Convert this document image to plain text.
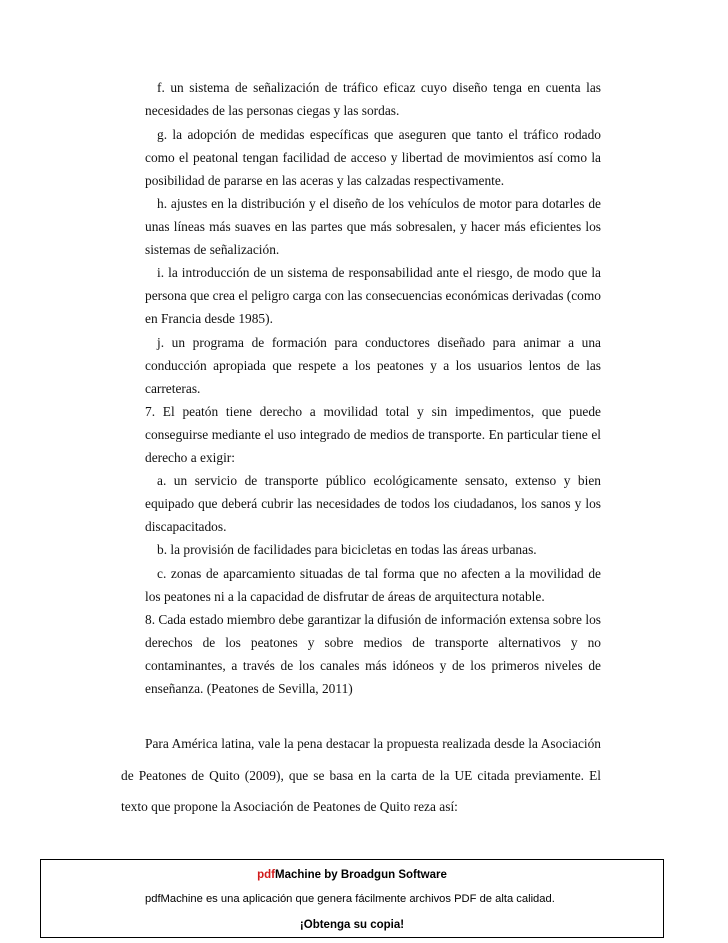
f. un sistema de señalización de tráfico eficaz cuyo diseño tenga en cuenta las necesidades de las personas ciegas y las sordas.

g. la adopción de medidas específicas que aseguren que tanto el tráfico rodado como el peatonal tengan facilidad de acceso y libertad de movimientos así como la posibilidad de pararse en las aceras y las calzadas respectivamente.

h. ajustes en la distribución y el diseño de los vehículos de motor para dotarles de unas líneas más suaves en las partes que más sobresalen, y hacer más eficientes los sistemas de señalización.

i. la introducción de un sistema de responsabilidad ante el riesgo, de modo que la persona que crea el peligro carga con las consecuencias económicas derivadas (como en Francia desde 1985).

j. un programa de formación para conductores diseñado para animar a una conducción apropiada que respete a los peatones y a los usuarios lentos de las carreteras.

7. El peatón tiene derecho a movilidad total y sin impedimentos, que puede conseguirse mediante el uso integrado de medios de transporte. En particular tiene el derecho a exigir:

a. un servicio de transporte público ecológicamente sensato, extenso y bien equipado que deberá cubrir las necesidades de todos los ciudadanos, los sanos y los discapacitados.

b. la provisión de facilidades para bicicletas en todas las áreas urbanas.

c. zonas de aparcamiento situadas de tal forma que no afecten a la movilidad de los peatones ni a la capacidad de disfrutar de áreas de arquitectura notable.

8. Cada estado miembro debe garantizar la difusión de información extensa sobre los derechos de los peatones y sobre medios de transporte alternativos y no contaminantes, a través de los canales más idóneos y de los primeros niveles de enseñanza. (Peatones de Sevilla, 2011)

Para América latina, vale la pena destacar la propuesta realizada desde la Asociación de Peatones de Quito (2009), que se basa en la carta de la UE citada previamente. El texto que propone la Asociación de Peatones de Quito reza así:

pdfMachine by Broadgun Software
pdfMachine es una aplicación que genera fácilmente archivos PDF de alta calidad.
¡Obtenga su copia!
